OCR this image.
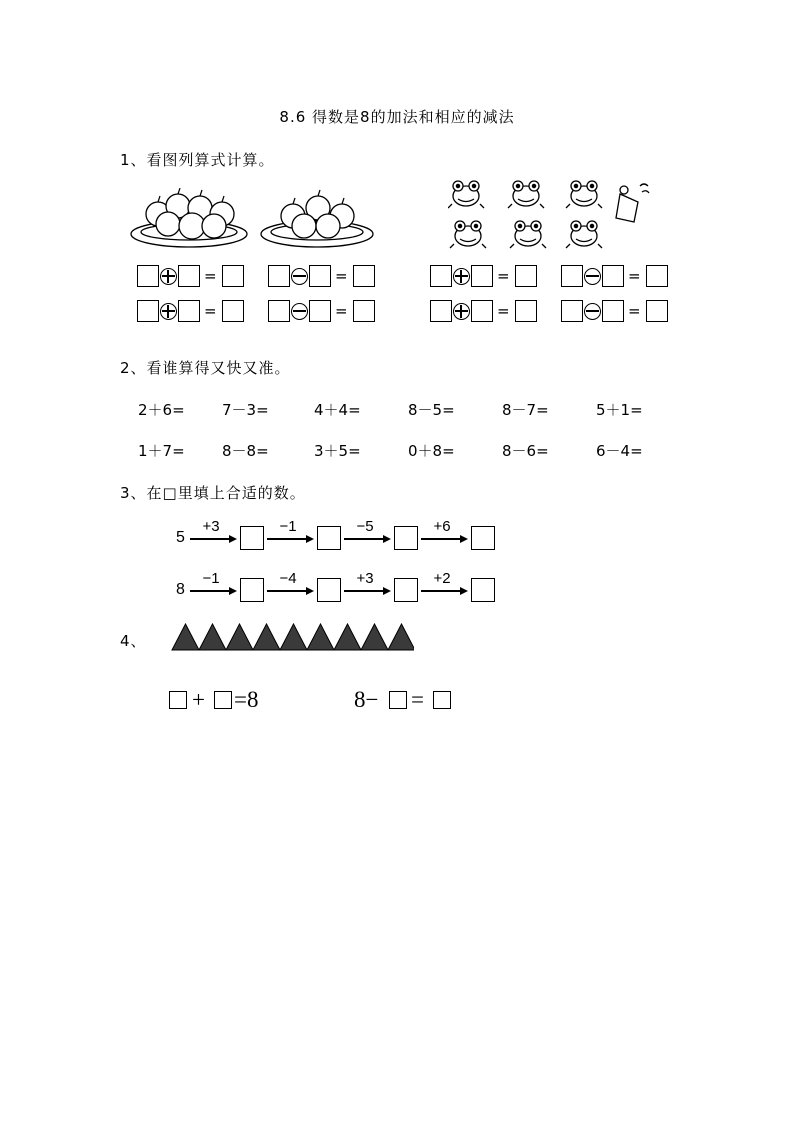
8.6 得数是8的加法和相应的减法
1、看图列算式计算。
=
=
=
=
=
=
=
=
2、看谁算得又快又准。
2＋6= 7－3=	4＋4=	8－5=	8－7=	5＋1=
1＋7= 8－8=	3＋5=	0＋8=	8－6=	6－4=
3、在□里填上合适的数。
5
+3	−1	−5	+6
8
−1	−4	+3	+2
4、
+ =8	8− =
